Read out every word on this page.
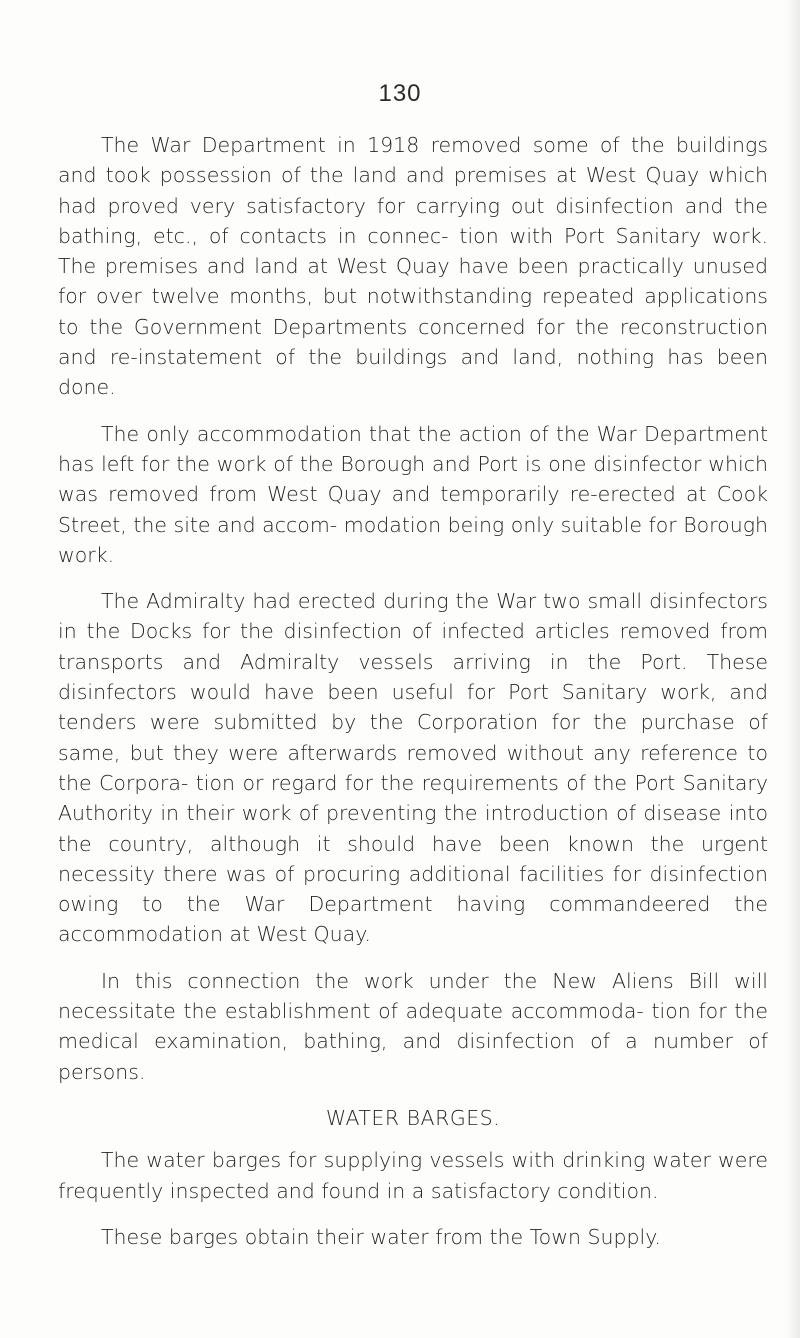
130

The War Department in 1918 removed some of the buildings and took possession of the land and premises at West Quay which had proved very satisfactory for carrying out disinfection and the bathing, etc., of contacts in connec- tion with Port Sanitary work. The premises and land at West Quay have been practically unused for over twelve months, but notwithstanding repeated applications to the Government Departments concerned for the reconstruction and re-instatement of the buildings and land, nothing has been done.

The only accommodation that the action of the War Department has left for the work of the Borough and Port is one disinfector which was removed from West Quay and temporarily re-erected at Cook Street, the site and accom- modation being only suitable for Borough work.

The Admiralty had erected during the War two small disinfectors in the Docks for the disinfection of infected articles removed from transports and Admiralty vessels arriving in the Port. These disinfectors would have been useful for Port Sanitary work, and tenders were submitted by the Corporation for the purchase of same, but they were afterwards removed without any reference to the Corpora- tion or regard for the requirements of the Port Sanitary Authority in their work of preventing the introduction of disease into the country, although it should have been known the urgent necessity there was of procuring additional facilities for disinfection owing to the War Department having commandeered the accommodation at West Quay.

In this connection the work under the New Aliens Bill will necessitate the establishment of adequate accommoda- tion for the medical examination, bathing, and disinfection of a number of persons.

WATER BARGES.

The water barges for supplying vessels with drinking water were frequently inspected and found in a satisfactory condition.

These barges obtain their water from the Town Supply.
